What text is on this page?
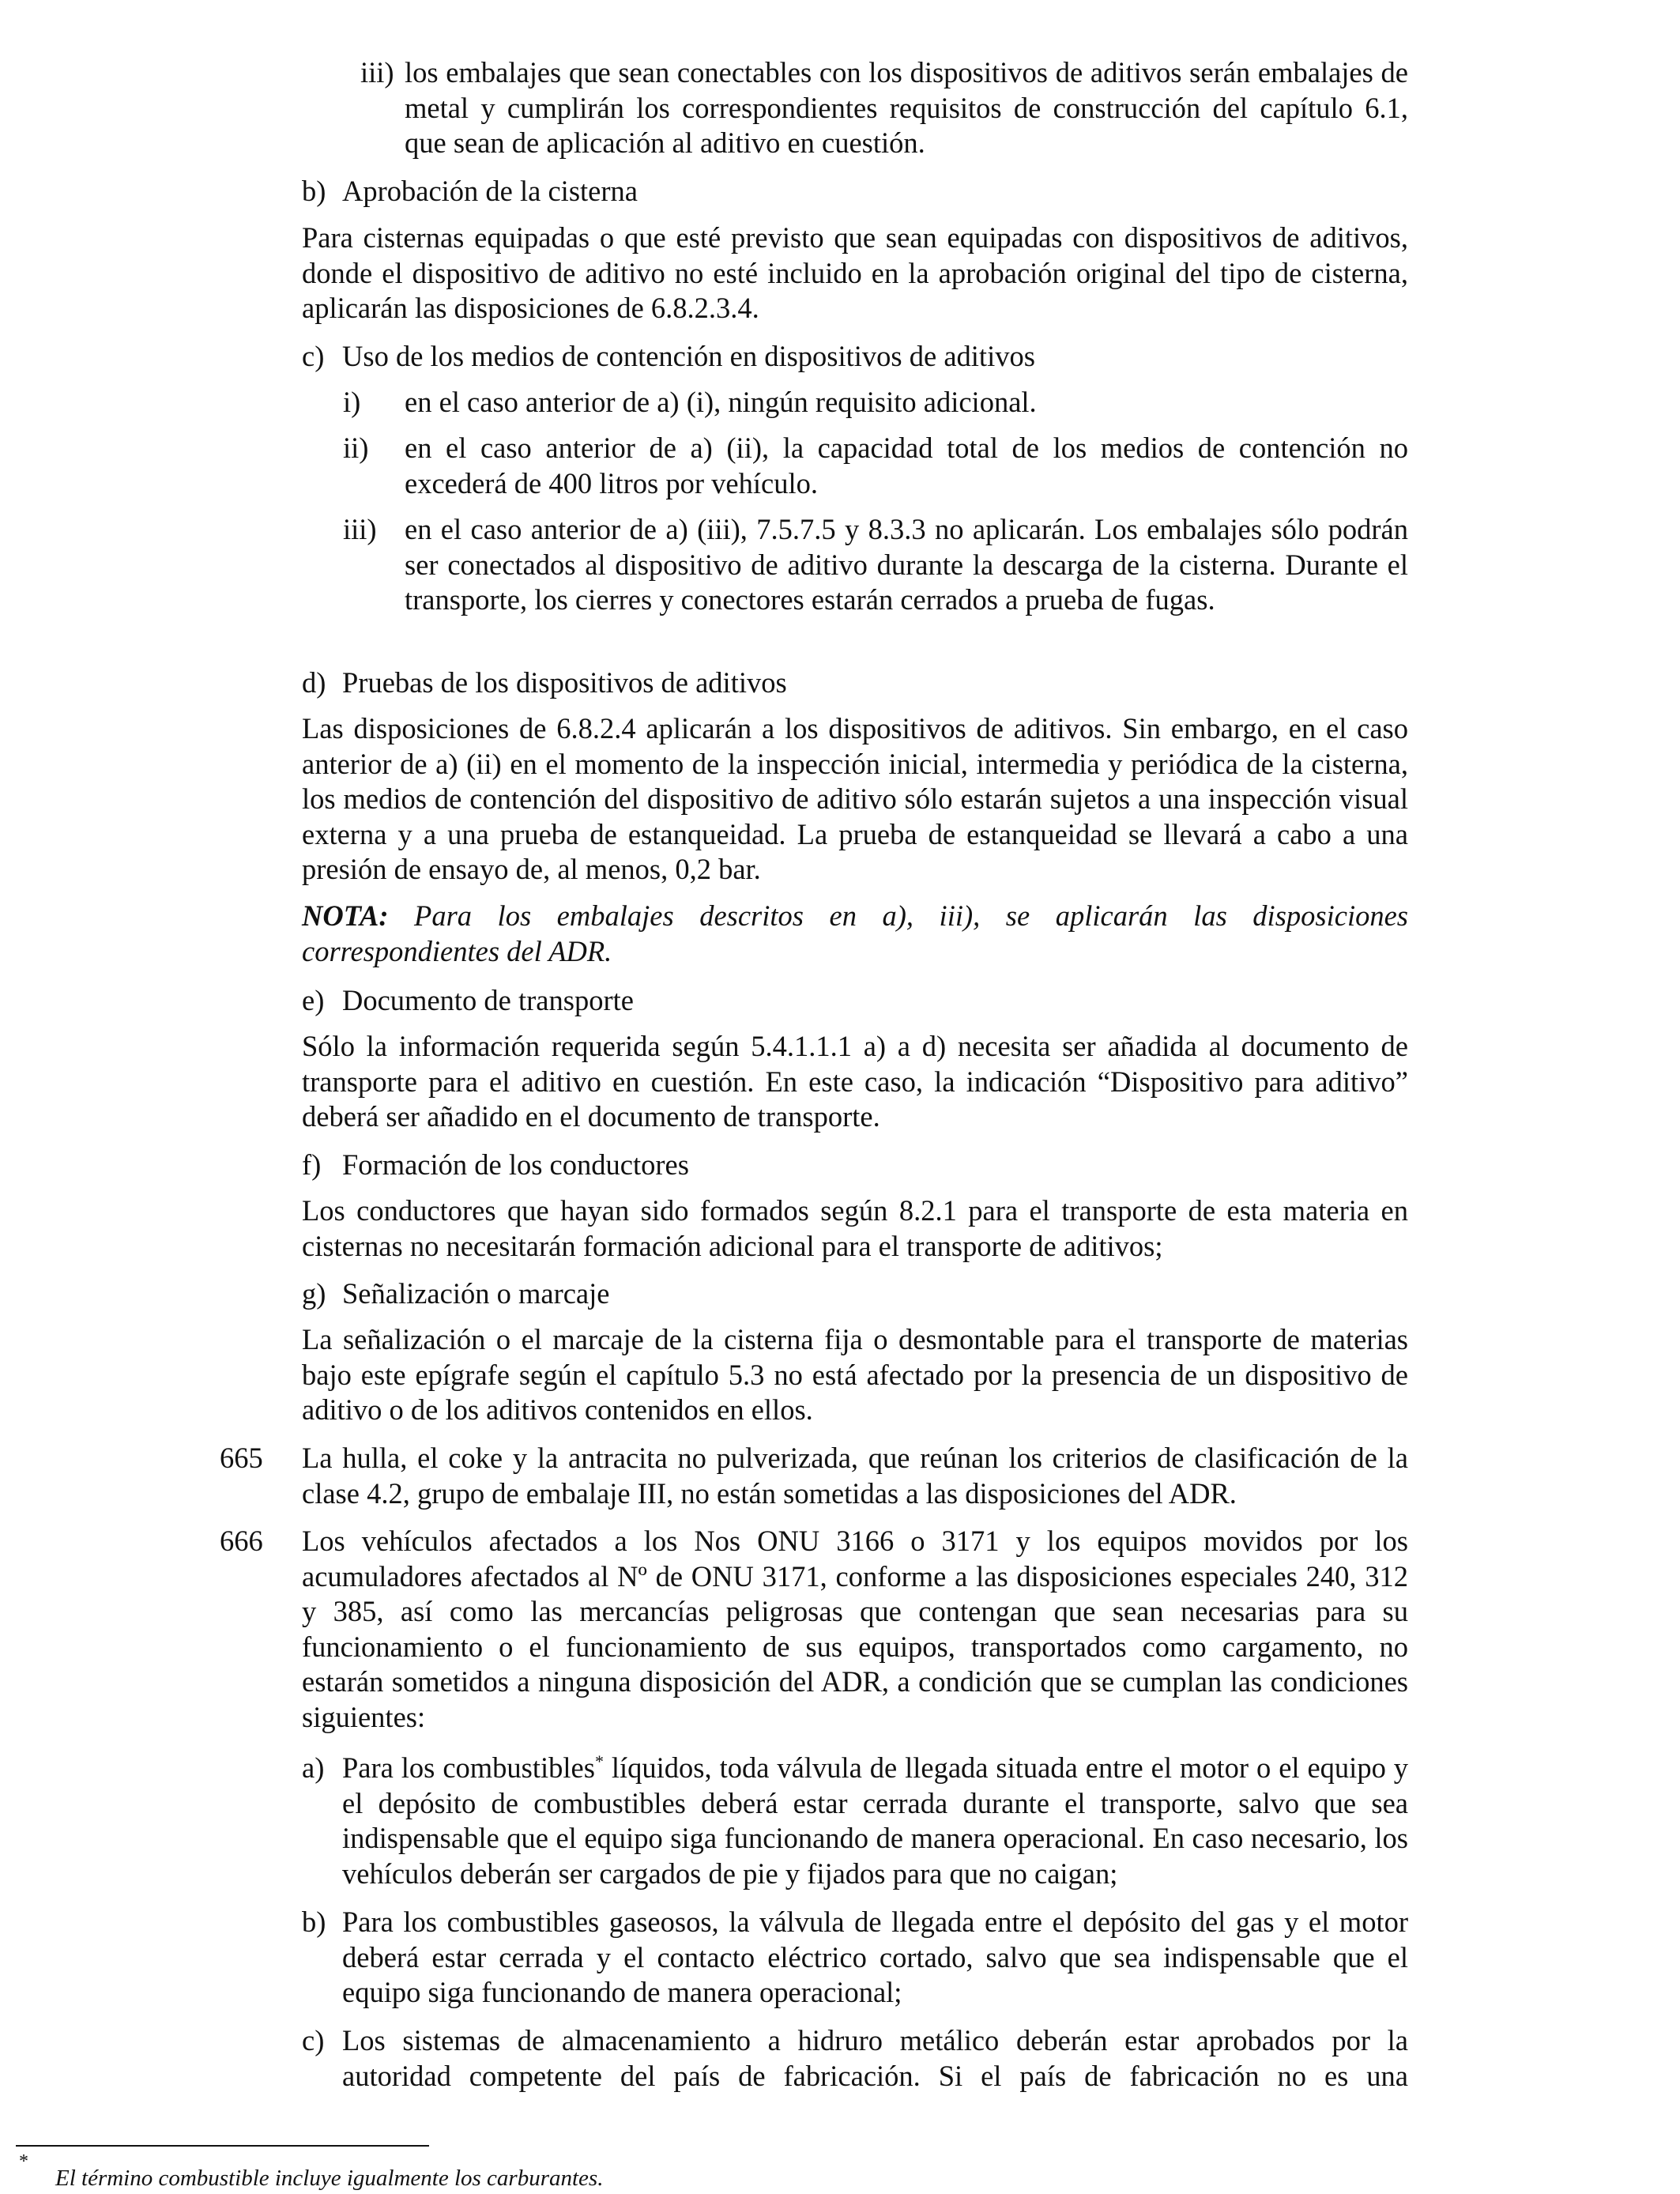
iii) los embalajes que sean conectables con los dispositivos de aditivos serán embalajes de metal y cumplirán los correspondientes requisitos de construcción del capítulo 6.1, que sean de aplicación al aditivo en cuestión.
b) Aprobación de la cisterna
Para cisternas equipadas o que esté previsto que sean equipadas con dispositivos de aditivos, donde el dispositivo de aditivo no esté incluido en la aprobación original del tipo de cisterna, aplicarán las disposiciones de 6.8.2.3.4.
c) Uso de los medios de contención en dispositivos de aditivos
i) en el caso anterior de a) (i), ningún requisito adicional.
ii) en el caso anterior de a) (ii), la capacidad total de los medios de contención no excederá de 400 litros por vehículo.
iii) en el caso anterior de a) (iii), 7.5.7.5 y 8.3.3 no aplicarán. Los embalajes sólo podrán ser conectados al dispositivo de aditivo durante la descarga de la cisterna. Durante el transporte, los cierres y conectores estarán cerrados a prueba de fugas.
d) Pruebas de los dispositivos de aditivos
Las disposiciones de 6.8.2.4 aplicarán a los dispositivos de aditivos. Sin embargo, en el caso anterior de a) (ii) en el momento de la inspección inicial, intermedia y periódica de la cisterna, los medios de contención del dispositivo de aditivo sólo estarán sujetos a una inspección visual externa y a una prueba de estanqueidad. La prueba de estanqueidad se llevará a cabo a una presión de ensayo de, al menos, 0,2 bar.
NOTA: Para los embalajes descritos en a), iii), se aplicarán las disposiciones correspondientes del ADR.
e) Documento de transporte
Sólo la información requerida según 5.4.1.1.1 a) a d) necesita ser añadida al documento de transporte para el aditivo en cuestión. En este caso, la indicación “Dispositivo para aditivo” deberá ser añadido en el documento de transporte.
f) Formación de los conductores
Los conductores que hayan sido formados según 8.2.1 para el transporte de esta materia en cisternas no necesitarán formación adicional para el transporte de aditivos;
g) Señalización o marcaje
La señalización o el marcaje de la cisterna fija o desmontable para el transporte de materias bajo este epígrafe según el capítulo 5.3 no está afectado por la presencia de un dispositivo de aditivo o de los aditivos contenidos en ellos.
665 La hulla, el coke y la antracita no pulverizada, que reúnan los criterios de clasificación de la clase 4.2, grupo de embalaje III, no están sometidas a las disposiciones del ADR.
666 Los vehículos afectados a los Nos ONU 3166 o 3171 y los equipos movidos por los acumuladores afectados al Nº de ONU 3171, conforme a las disposiciones especiales 240, 312 y 385, así como las mercancías peligrosas que contengan que sean necesarias para su funcionamiento o el funcionamiento de sus equipos, transportados como cargamento, no estarán sometidos a ninguna disposición del ADR, a condición que se cumplan las condiciones siguientes:
a) Para los combustibles* líquidos, toda válvula de llegada situada entre el motor o el equipo y el depósito de combustibles deberá estar cerrada durante el transporte, salvo que sea indispensable que el equipo siga funcionando de manera operacional. En caso necesario, los vehículos deberán ser cargados de pie y fijados para que no caigan;
b) Para los combustibles gaseosos, la válvula de llegada entre el depósito del gas y el motor deberá estar cerrada y el contacto eléctrico cortado, salvo que sea indispensable que el equipo siga funcionando de manera operacional;
c) Los sistemas de almacenamiento a hidruro metálico deberán estar aprobados por la autoridad competente del país de fabricación. Si el país de fabricación no es una
*
El término combustible incluye igualmente los carburantes.
